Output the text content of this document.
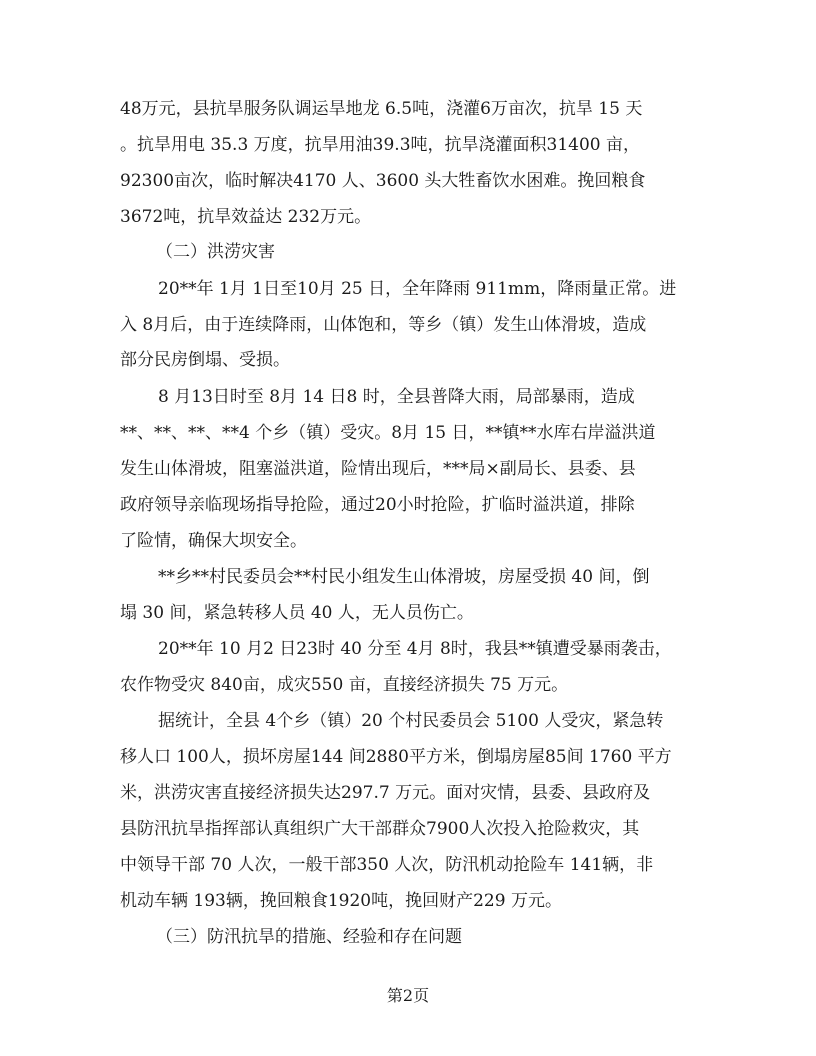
48万元，县抗旱服务队调运旱地龙 6.5吨，浇灌6万亩次，抗旱 15 天

。抗旱用电 35.3 万度，抗旱用油39.3吨，抗旱浇灌面积31400 亩，

92300亩次，临时解决4170 人、3600 头大牲畜饮水困难。挽回粮食

3672吨，抗旱效益达 232万元。

（二）洪涝灾害

20**年 1月 1日至10月 25 日，全年降雨 911mm，降雨量正常。进

入 8月后，由于连续降雨，山体饱和，等乡（镇）发生山体滑坡，造成

部分民房倒塌、受损。

8 月13日时至 8月 14 日8 时，全县普降大雨，局部暴雨，造成

**、**、**、**4 个乡（镇）受灾。8月 15 日，**镇**水库右岸溢洪道

发生山体滑坡，阻塞溢洪道，险情出现后，***局×副局长、县委、县

政府领导亲临现场指导抢险，通过20小时抢险，扩临时溢洪道，排除

了险情，确保大坝安全。

**乡**村民委员会**村民小组发生山体滑坡，房屋受损 40 间，倒

塌 30 间，紧急转移人员 40 人，无人员伤亡。

20**年 10 月2 日23时 40 分至 4月 8时，我县**镇遭受暴雨袭击，

农作物受灾 840亩，成灾550 亩，直接经济损失 75 万元。

据统计，全县 4个乡（镇）20 个村民委员会 5100 人受灾，紧急转

移人口 100人，损坏房屋144 间2880平方米，倒塌房屋85间 1760 平方

米，洪涝灾害直接经济损失达297.7 万元。面对灾情，县委、县政府及

县防汛抗旱指挥部认真组织广大干部群众7900人次投入抢险救灾，其

中领导干部 70 人次，一般干部350 人次，防汛机动抢险车 141辆，非

机动车辆 193辆，挽回粮食1920吨，挽回财产229 万元。

（三）防汛抗旱的措施、经验和存在问题

第2页
